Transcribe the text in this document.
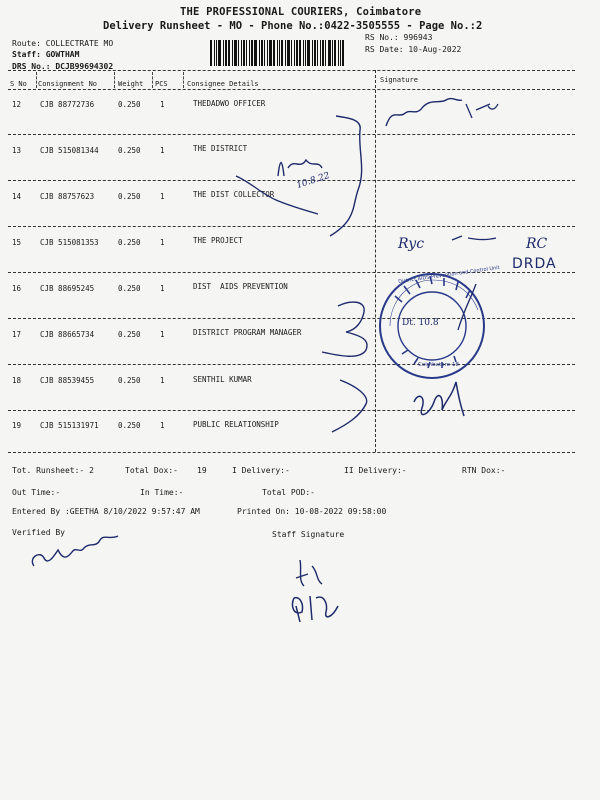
THE PROFESSIONAL COURIERS, Coimbatore
Delivery Runsheet - MO - Phone No.:0422-3505555 - Page No.:2
Route: COLLECTRATE MO
Staff: GOWTHAM
DRS No.: DCJB99694302
RS No.: 996943
RS Date: 10-Aug-2022
S No Consignment No	Weight PCS	Consignee Details	Signature
12	CJB 88772736	0.250	1	THEDADWO OFFICER
13	CJB 515081344	0.250	1	THE DISTRICT
14	CJB 88757623	0.250	1	THE DIST COLLECTOR
15	CJB 515081353	0.250	1	THE PROJECT
16	CJB 88695245	0.250	1	DIST  AIDS PREVENTION
17	CJB 88665734	0.250	1	DISTRICT PROGRAM MANAGER
18	CJB 88539455	0.250	1	SENTHIL KUMAR
19	CJB 515131971	0.250	1	PUBLIC RELATIONSHIP
Tot. Runsheet:- 2	Total Dox:- 19	I Delivery:-	II Delivery:-	RTN Dox:-
Out Time:-	In Time:-	Total POD:-
Entered By :GEETHA 8/10/2022 9:57:47 AM	Printed On: 10-08-2022 09:58:00
Verified By	Staff Signature
10.8.22
Ryc	RC
DRDA
Dt. 10.8
District AIDS Prevention and Control Unit
Coimbatore-18
